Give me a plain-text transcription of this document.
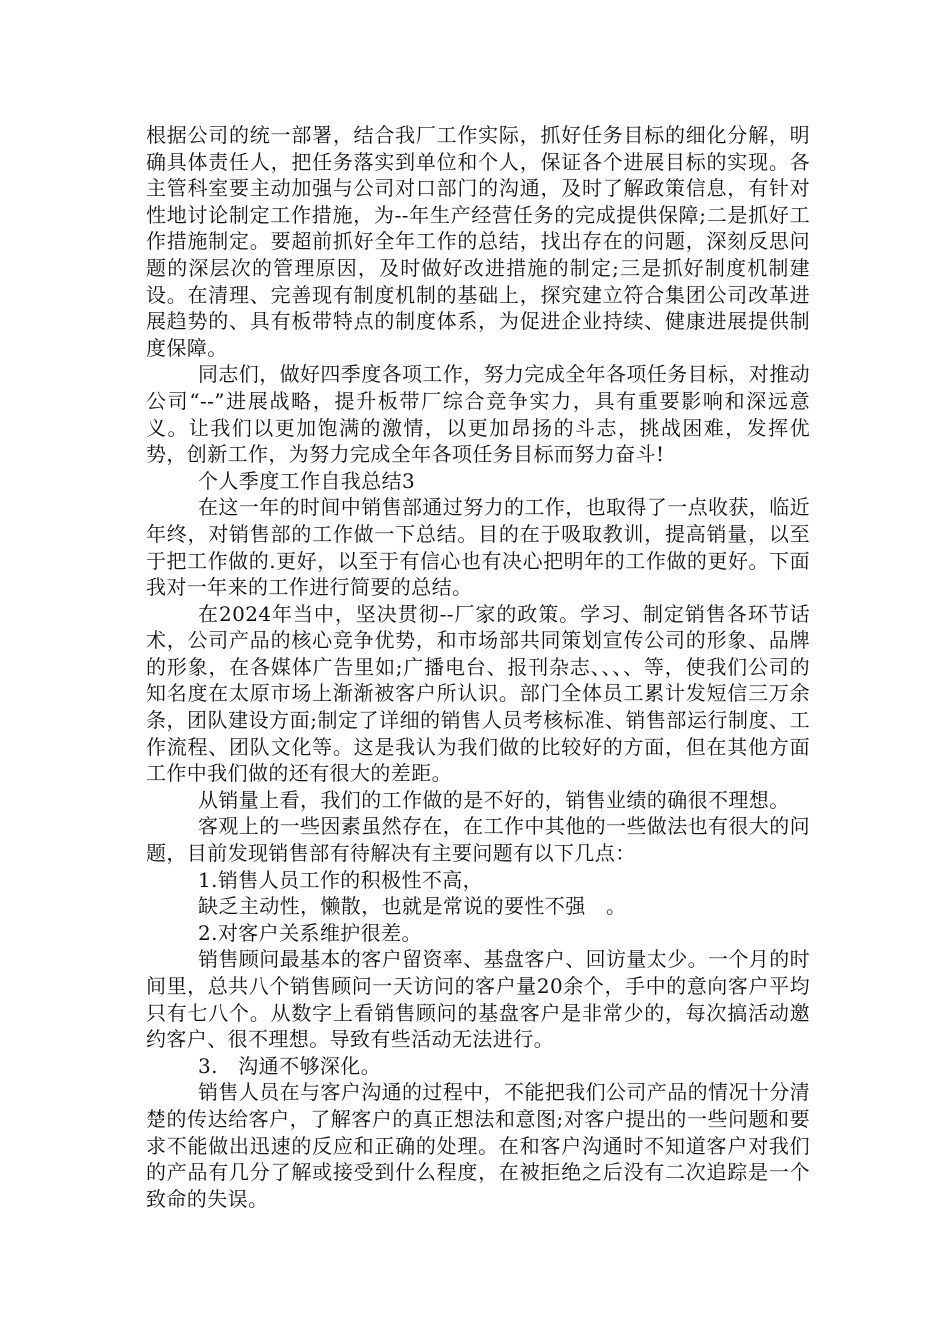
根据公司的统一部署，结合我厂工作实际，抓好任务目标的细化分解，明确具体责任人，把任务落实到单位和个人，保证各个进展目标的实现。各主管科室要主动加强与公司对口部门的沟通，及时了解政策信息，有针对性地讨论制定工作措施，为--年生产经营任务的完成提供保障;二是抓好工作措施制定。要超前抓好全年工作的总结，找出存在的问题，深刻反思问题的深层次的管理原因，及时做好改进措施的制定;三是抓好制度机制建设。在清理、完善现有制度机制的基础上，探究建立符合集团公司改革进展趋势的、具有板带特点的制度体系，为促进企业持续、健康进展提供制度保障。

同志们，做好四季度各项工作，努力完成全年各项任务目标，对推动公司“--”进展战略，提升板带厂综合竞争实力，具有重要影响和深远意义。让我们以更加饱满的激情，以更加昂扬的斗志，挑战困难，发挥优势，创新工作，为努力完成全年各项任务目标而努力奋斗!

个人季度工作自我总结3

在这一年的时间中销售部通过努力的工作，也取得了一点收获，临近年终，对销售部的工作做一下总结。目的在于吸取教训，提高销量，以至于把工作做的.更好，以至于有信心也有决心把明年的工作做的更好。下面我对一年来的工作进行简要的总结。

在2024年当中，坚决贯彻--厂家的政策。学习、制定销售各环节话术，公司产品的核心竞争优势，和市场部共同策划宣传公司的形象、品牌的形象，在各媒体广告里如;广播电台、报刊杂志、、、、等，使我们公司的知名度在太原市场上渐渐被客户所认识。部门全体员工累计发短信三万余条，团队建设方面;制定了详细的销售人员考核标准、销售部运行制度、工作流程、团队文化等。这是我认为我们做的比较好的方面，但在其他方面工作中我们做的还有很大的差距。

从销量上看，我们的工作做的是不好的，销售业绩的确很不理想。

客观上的一些因素虽然存在，在工作中其他的一些做法也有很大的问题，目前发现销售部有待解决有主要问题有以下几点：

1.销售人员工作的积极性不高，

缺乏主动性，懒散，也就是常说的要性不强　。

2.对客户关系维护很差。

销售顾问最基本的客户留资率、基盘客户、回访量太少。一个月的时间里，总共八个销售顾问一天访问的客户量20余个，手中的意向客户平均只有七八个。从数字上看销售顾问的基盘客户是非常少的，每次搞活动邀约客户、很不理想。导致有些活动无法进行。

3.　沟通不够深化。

销售人员在与客户沟通的过程中，不能把我们公司产品的情况十分清楚的传达给客户，了解客户的真正想法和意图;对客户提出的一些问题和要求不能做出迅速的反应和正确的处理。在和客户沟通时不知道客户对我们的产品有几分了解或接受到什么程度，在被拒绝之后没有二次追踪是一个致命的失误。
